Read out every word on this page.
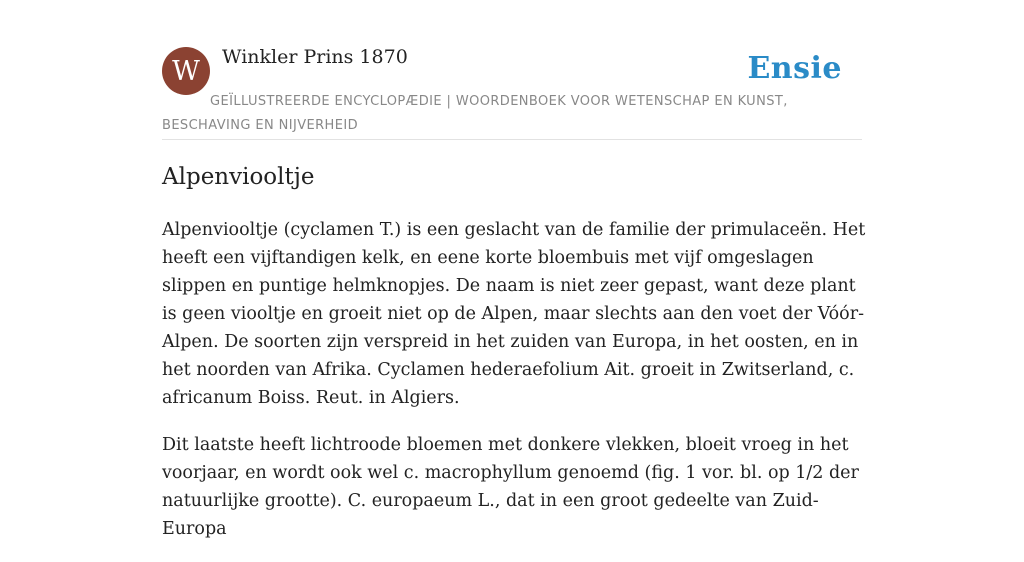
W Winkler Prins 1870	Ensie
GEÏLLUSTREERDE ENCYCLOPÆDIE | WOORDENBOEK VOOR WETENSCHAP EN KUNST, BESCHAVING EN NIJVERHEID
Alpenviooltje

Alpenviooltje (cyclamen T.) is een geslacht van de familie der primulaceën. Het heeft een vijftandigen kelk, en eene korte bloembuis met vijf omgeslagen slippen en puntige helmknopjes. De naam is niet zeer gepast, want deze plant is geen viooltje en groeit niet op de Alpen, maar slechts aan den voet der Vóór-Alpen. De soorten zijn verspreid in het zuiden van Europa, in het oosten, en in het noorden van Afrika. Cyclamen hederaefolium Ait. groeit in Zwitserland, c. africanum Boiss. Reut. in Algiers.

Dit laatste heeft lichtroode bloemen met donkere vlekken, bloeit vroeg in het voorjaar, en wordt ook wel c. macrophyllum genoemd (fig. 1 vor. bl. op 1/2 der natuurlijke grootte). C. europaeum L., dat in een groot gedeelte van Zuid-Europa
